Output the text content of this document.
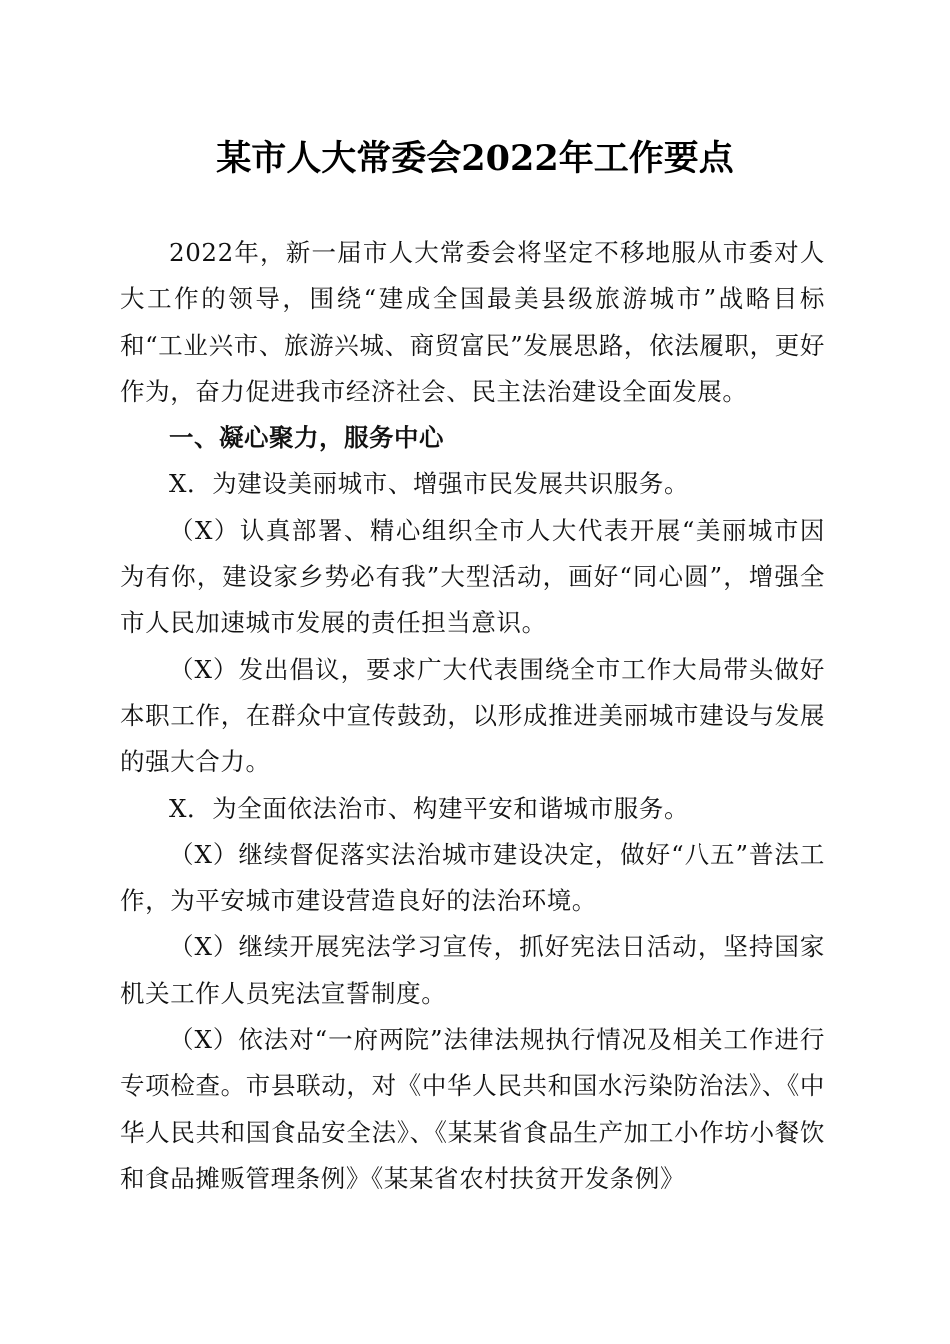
某市人大常委会2022年工作要点

2022年，新一届市人大常委会将坚定不移地服从市委对人大工作的领导，围绕“建成全国最美县级旅游城市”战略目标和“工业兴市、旅游兴城、商贸富民”发展思路，依法履职，更好作为，奋力促进我市经济社会、民主法治建设全面发展。

一、凝心聚力，服务中心

X．为建设美丽城市、增强市民发展共识服务。

（X）认真部署、精心组织全市人大代表开展“美丽城市因为有你，建设家乡势必有我”大型活动，画好“同心圆”，增强全市人民加速城市发展的责任担当意识。

（X）发出倡议，要求广大代表围绕全市工作大局带头做好本职工作，在群众中宣传鼓劲，以形成推进美丽城市建设与发展的强大合力。

X．为全面依法治市、构建平安和谐城市服务。

（X）继续督促落实法治城市建设决定，做好“八五”普法工作，为平安城市建设营造良好的法治环境。

（X）继续开展宪法学习宣传，抓好宪法日活动，坚持国家机关工作人员宪法宣誓制度。

（X）依法对“一府两院”法律法规执行情况及相关工作进行专项检查。市县联动，对《中华人民共和国水污染防治法》、《中华人民共和国食品安全法》、《某某省食品生产加工小作坊小餐饮和食品摊贩管理条例》《某某省农村扶贫开发条例》
